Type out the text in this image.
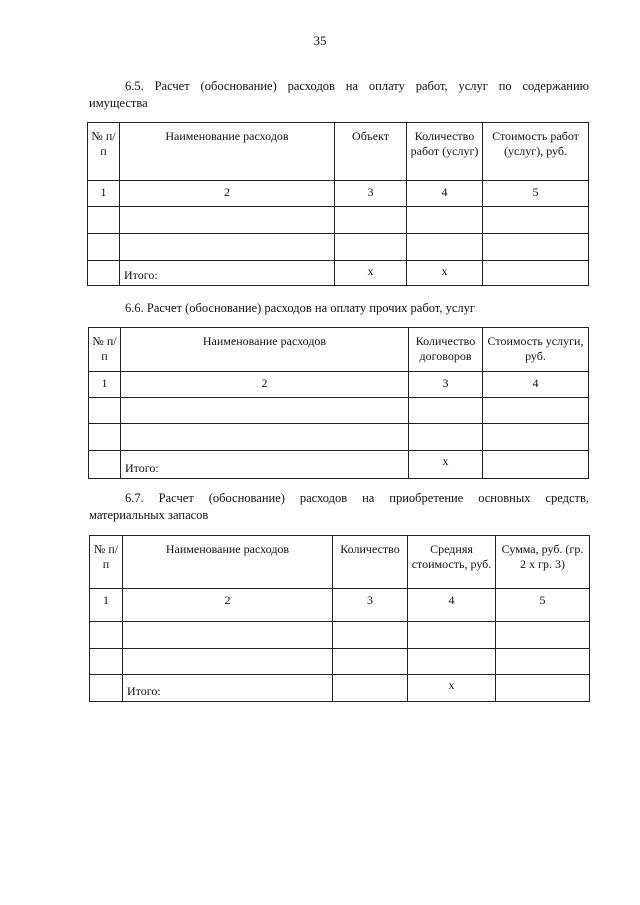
35
6.5. Расчет (обоснование) расходов на оплату работ, услуг по содержанию
имущества
№ п/п	Наименование расходов	Объект	Количество работ (услуг)	Стоимость работ (услуг), руб.
1	2	3	4	5

	Итого:	x	x	
6.6. Расчет (обоснование) расходов на оплату прочих работ, услуг
№ п/п	Наименование расходов	Количество договоров	Стоимость услуги, руб.
1	2	3	4

	Итого:	x	
6.7. Расчет (обоснование) расходов на приобретение основных средств,
материальных запасов
№ п/п	Наименование расходов	Количество	Средняя стоимость, руб.	Сумма, руб. (гр. 2 х гр. 3)
1	2	3	4	5

	Итого:		x	
